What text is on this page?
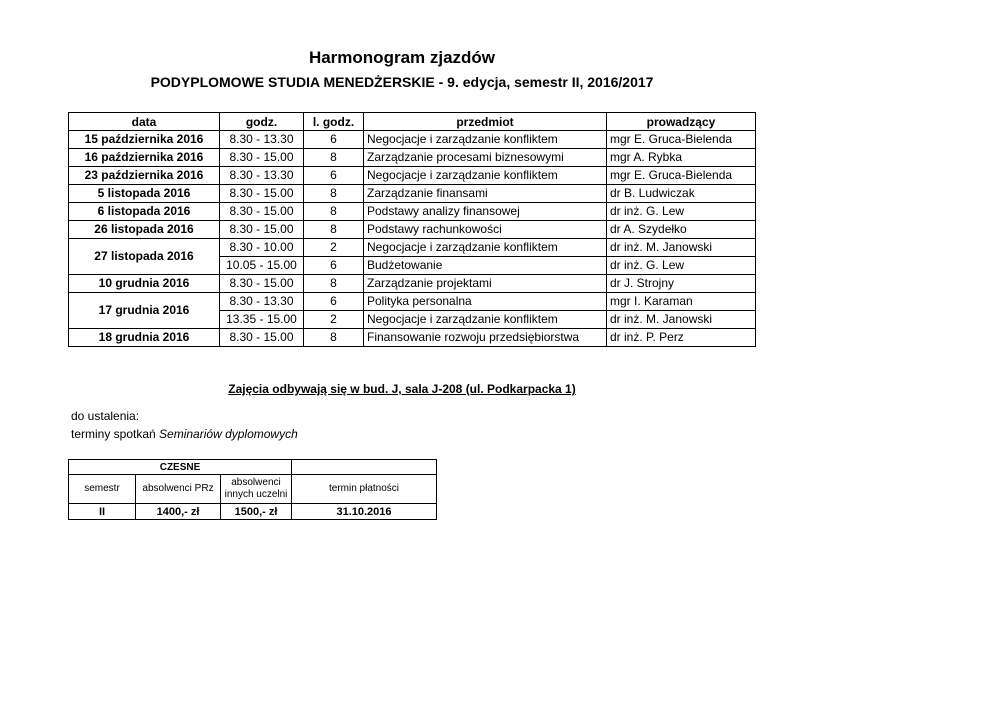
Harmonogram zjazdów
PODYPLOMOWE STUDIA MENEDŻERSKIE - 9. edycja, semestr II, 2016/2017
data	godz.	l. godz.	przedmiot	prowadzący
15 października 2016	8.30 - 13.30	6	Negocjacje i zarządzanie konfliktem	mgr E. Gruca-Bielenda
16 października 2016	8.30 - 15.00	8	Zarządzanie procesami biznesowymi	mgr A. Rybka
23 października 2016	8.30 - 13.30	6	Negocjacje i zarządzanie konfliktem	mgr E. Gruca-Bielenda
5 listopada 2016	8.30 - 15.00	8	Zarządzanie finansami	dr B. Ludwiczak
6 listopada 2016	8.30 - 15.00	8	Podstawy analizy finansowej	dr inż. G. Lew
26 listopada 2016	8.30 - 15.00	8	Podstawy rachunkowości	dr A. Szydełko
27 listopada 2016	8.30 - 10.00	2	Negocjacje i zarządzanie konfliktem	dr inż. M. Janowski
	10.05 - 15.00	6	Budżetowanie	dr inż. G. Lew
10 grudnia 2016	8.30 - 15.00	8	Zarządzanie projektami	dr J. Strojny
17 grudnia 2016	8.30 - 13.30	6	Polityka personalna	mgr I. Karaman
	13.35 - 15.00	2	Negocjacje i zarządzanie konfliktem	dr inż. M. Janowski
18 grudnia 2016	8.30 - 15.00	8	Finansowanie rozwoju przedsiębiorstwa	dr inż. P. Perz
Zajęcia odbywają się w bud. J, sala J-208 (ul. Podkarpacka 1)
do ustalenia:
terminy spotkań Seminariów dyplomowych
CZESNE			
semestr	absolwenci PRz	absolwenci innych uczelni	termin płatności
II	1400,- zł	1500,- zł	31.10.2016
